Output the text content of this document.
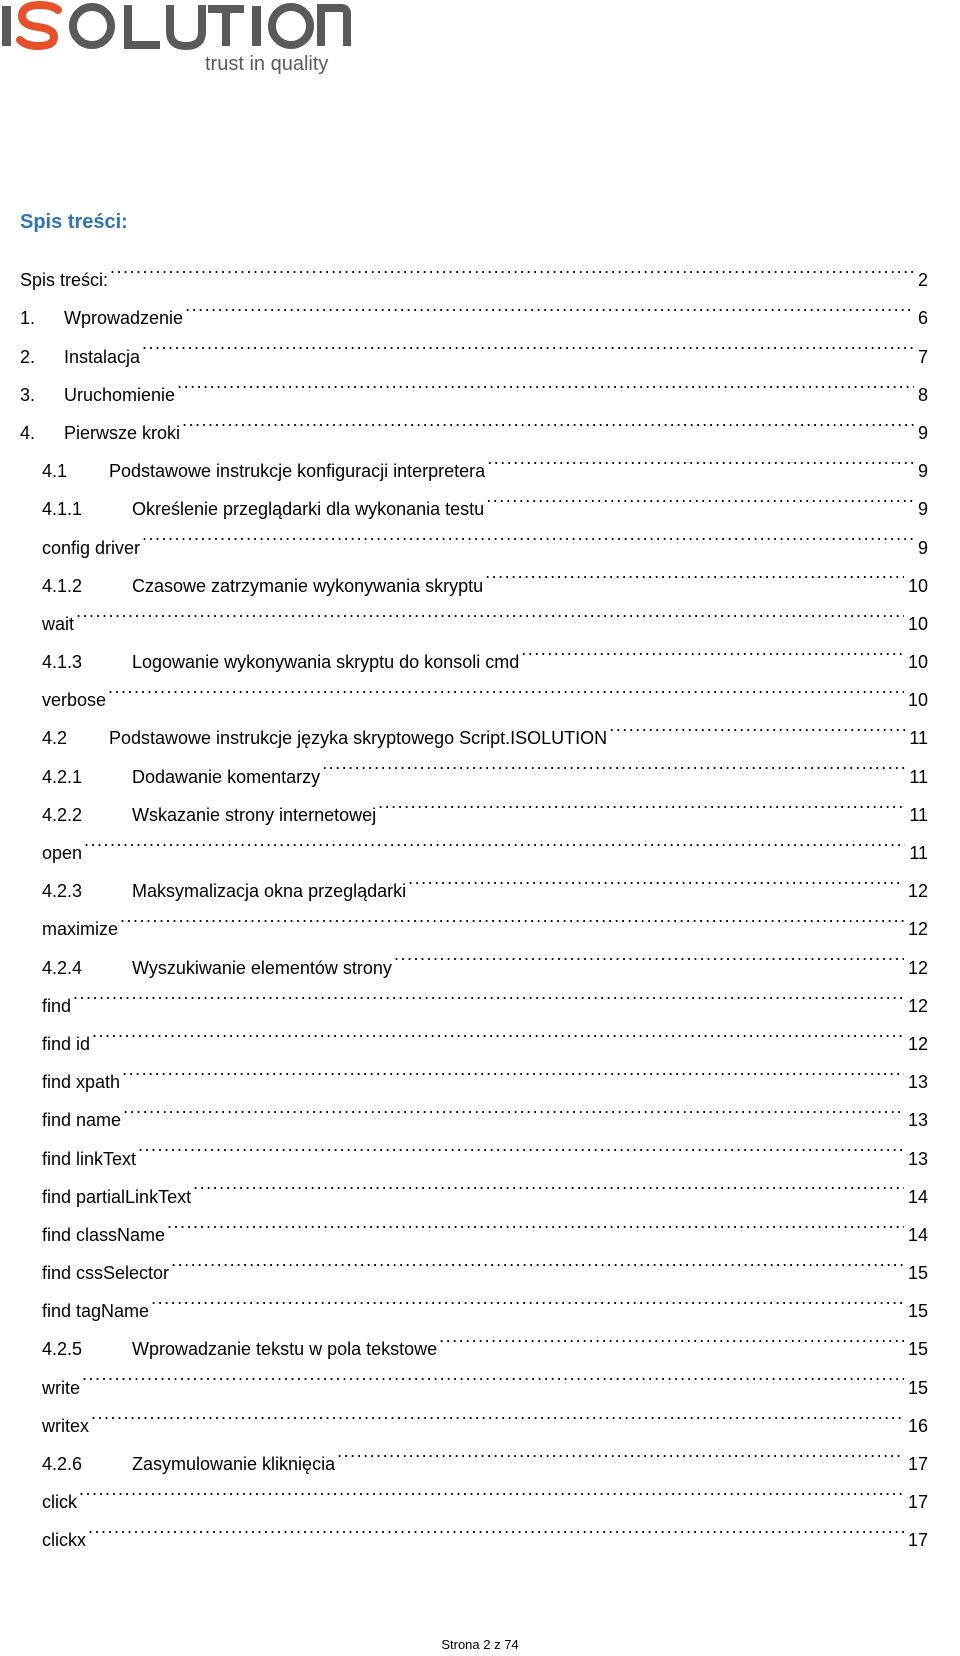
trust in quality
Spis treści:
Spis treści: .....	2
1.	Wprowadzenie .....	6
2.	Instalacja .....	7
3.	Uruchomienie .....	8
4.	Pierwsze kroki .....	9
4.1	Podstawowe instrukcje konfiguracji interpretera .....	9
4.1.1	Określenie przeglądarki dla wykonania testu .....	9
config driver .....	9
4.1.2	Czasowe zatrzymanie wykonywania skryptu .....	10
wait .....	10
4.1.3	Logowanie wykonywania skryptu do konsoli cmd .....	10
verbose .....	10
4.2	Podstawowe instrukcje języka skryptowego Script.ISOLUTION .....	11
4.2.1	Dodawanie komentarzy .....	11
4.2.2	Wskazanie strony internetowej .....	11
open .....	11
4.2.3	Maksymalizacja okna przeglądarki .....	12
maximize .....	12
4.2.4	Wyszukiwanie elementów strony .....	12
find .....	12
find id .....	12
find xpath .....	13
find name .....	13
find linkText .....	13
find partialLinkText .....	14
find className .....	14
find cssSelector .....	15
find tagName .....	15
4.2.5	Wprowadzanie tekstu w pola tekstowe .....	15
write .....	15
writex .....	16
4.2.6	Zasymulowanie kliknięcia .....	17
click .....	17
clickx .....	17
Strona 2 z 74
